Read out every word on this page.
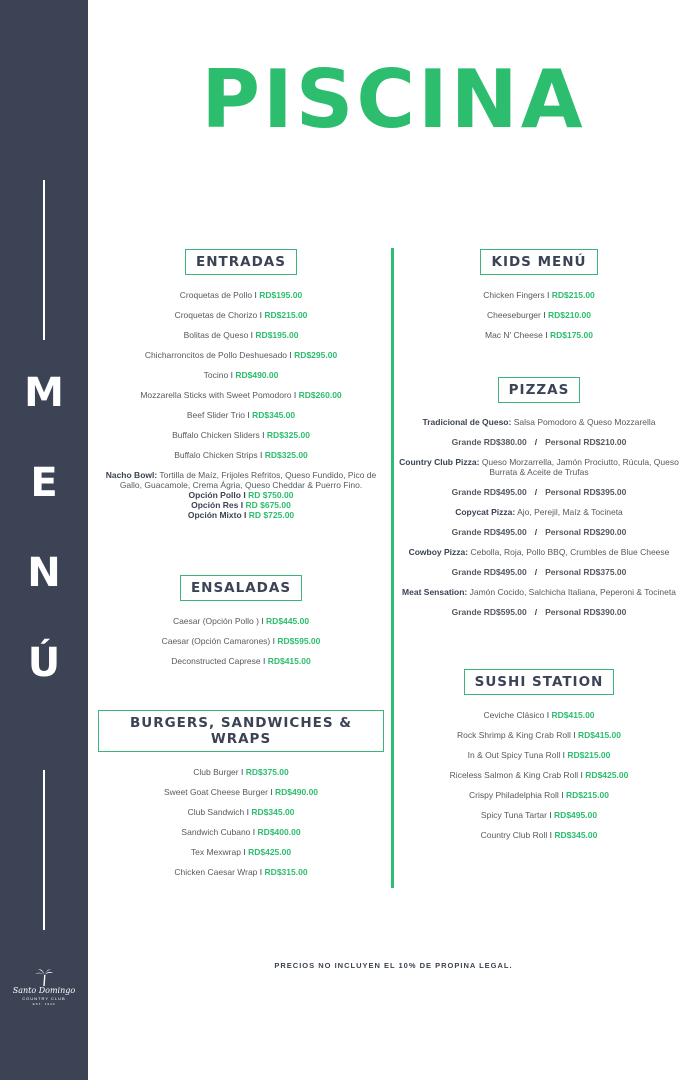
M
E
N
Ú
Santo Domingo
COUNTRY CLUB
EST. 1920
PISCINA
ENTRADAS
Croquetas de Pollo I RD$195.00
Croquetas de Chorizo I RD$215.00
Bolitas de Queso I RD$195.00
Chicharroncitos de Pollo Deshuesado I RD$295.00
Tocino I RD$490.00
Mozzarella Sticks with Sweet Pomodoro I RD$260.00
Beef Slider Trio I RD$345.00
Buffalo Chicken Sliders I RD$325.00
Buffalo Chicken Strips I RD$325.00
Nacho Bowl: Tortilla de Maíz, Frijoles Refritos, Queso Fundido, Pico de Gallo, Guacamole, Crema Ágria, Queso Cheddar & Puerro Fino.
Opción Pollo I RD $750.00
Opción Res I RD $675.00
Opción Mixto I RD $725.00
ENSALADAS
Caesar (Opción Pollo ) I RD$445.00
Caesar (Opción Camarones) I RD$595.00
Deconstructed Caprese I RD$415.00
BURGERS, SANDWICHES & WRAPS
Club Burger I RD$375.00
Sweet Goat Cheese Burger I RD$490.00
Club Sandwich I RD$345.00
Sandwich Cubano I RD$400.00
Tex Mexwrap I RD$425.00
Chicken Caesar Wrap I RD$315.00
KIDS MENÚ
Chicken Fingers I RD$215.00
Cheeseburger I RD$210.00
Mac N' Cheese I RD$175.00
PIZZAS
Tradicional de Queso: Salsa Pomodoro & Queso Mozzarella
Grande RD$380.00 / Personal RD$210.00
Country Club Pizza: Queso Morzarrella, Jamón Prociutto, Rúcula, Queso Burrata & Aceite de Trufas
Grande RD$495.00 / Personal RD$395.00
Copycat Pizza: Ajo, Perejil, Maíz & Tocineta
Grande RD$495.00 / Personal RD$290.00
Cowboy Pizza: Cebolla, Roja, Pollo BBQ, Crumbles de Blue Cheese
Grande RD$495.00 / Personal RD$375.00
Meat Sensation: Jamón Cocido, Salchicha Italiana, Peperoni & Tocineta
Grande RD$595.00 / Personal RD$390.00
SUSHI STATION
Ceviche Clásico I RD$415.00
Rock Shrimp & King Crab Roll I RD$415.00
In & Out Spicy Tuna Roll I RD$215.00
Riceless Salmon & King Crab Roll I RD$425.00
Crispy Philadelphia Roll I RD$215.00
Spicy Tuna Tartar I RD$495.00
Country Club Roll I RD$345.00
PRECIOS NO INCLUYEN EL 10% DE PROPINA LEGAL.
